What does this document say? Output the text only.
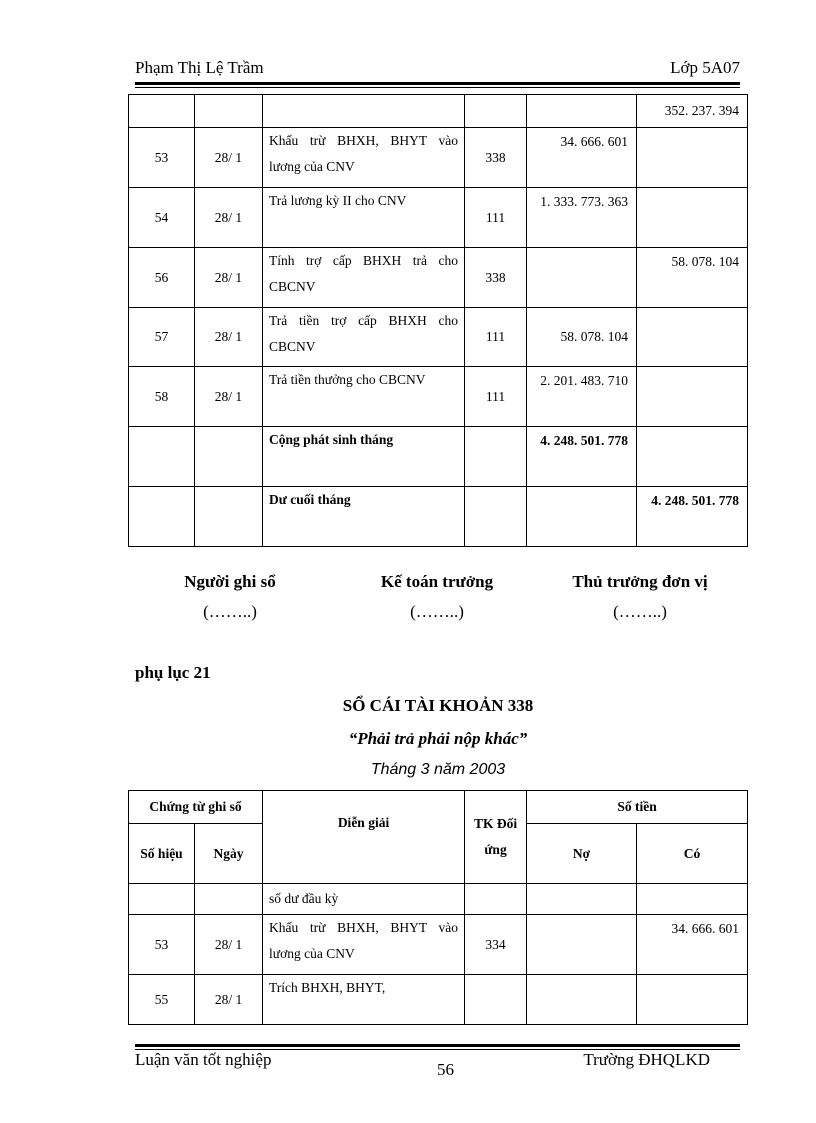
Phạm Thị Lệ Trầm	Lớp 5A07
					352. 237. 394
53	28/ 1	Khấu trừ BHXH, BHYT vào lương của CNV	338	34. 666. 601	
54	28/ 1	Trả lương kỳ II cho CNV	111	1. 333. 773. 363	
56	28/ 1	Tính trợ cấp BHXH trả cho CBCNV	338		58. 078. 104
57	28/ 1	Trả tiền trợ cấp BHXH cho CBCNV	111	58. 078. 104	
58	28/ 1	Trả tiền thưởng cho CBCNV	111	2. 201. 483. 710	
		Cộng phát sinh tháng		4. 248. 501. 778	
		Dư cuối tháng			4. 248. 501. 778
Người ghi sổ
(……..)
Kế toán trưởng
(……..)
Thủ trưởng đơn vị
(……..)
phụ lục 21
SỔ CÁI TÀI KHOẢN 338
“Phải trả phải nộp khác”
Tháng 3 năm 2003
Chứng từ ghi sổ		Diễn giải	TK Đối ứng	Số tiền	
Số hiệu	Ngày			Nợ	Có
		số dư đầu kỳ			
53	28/ 1	Khấu trừ BHXH, BHYT vào lương của CNV	334		34. 666. 601
55	28/ 1	Trích BHXH, BHYT,			
Luận văn tốt nghiệp
56
Trường ĐHQLKD
